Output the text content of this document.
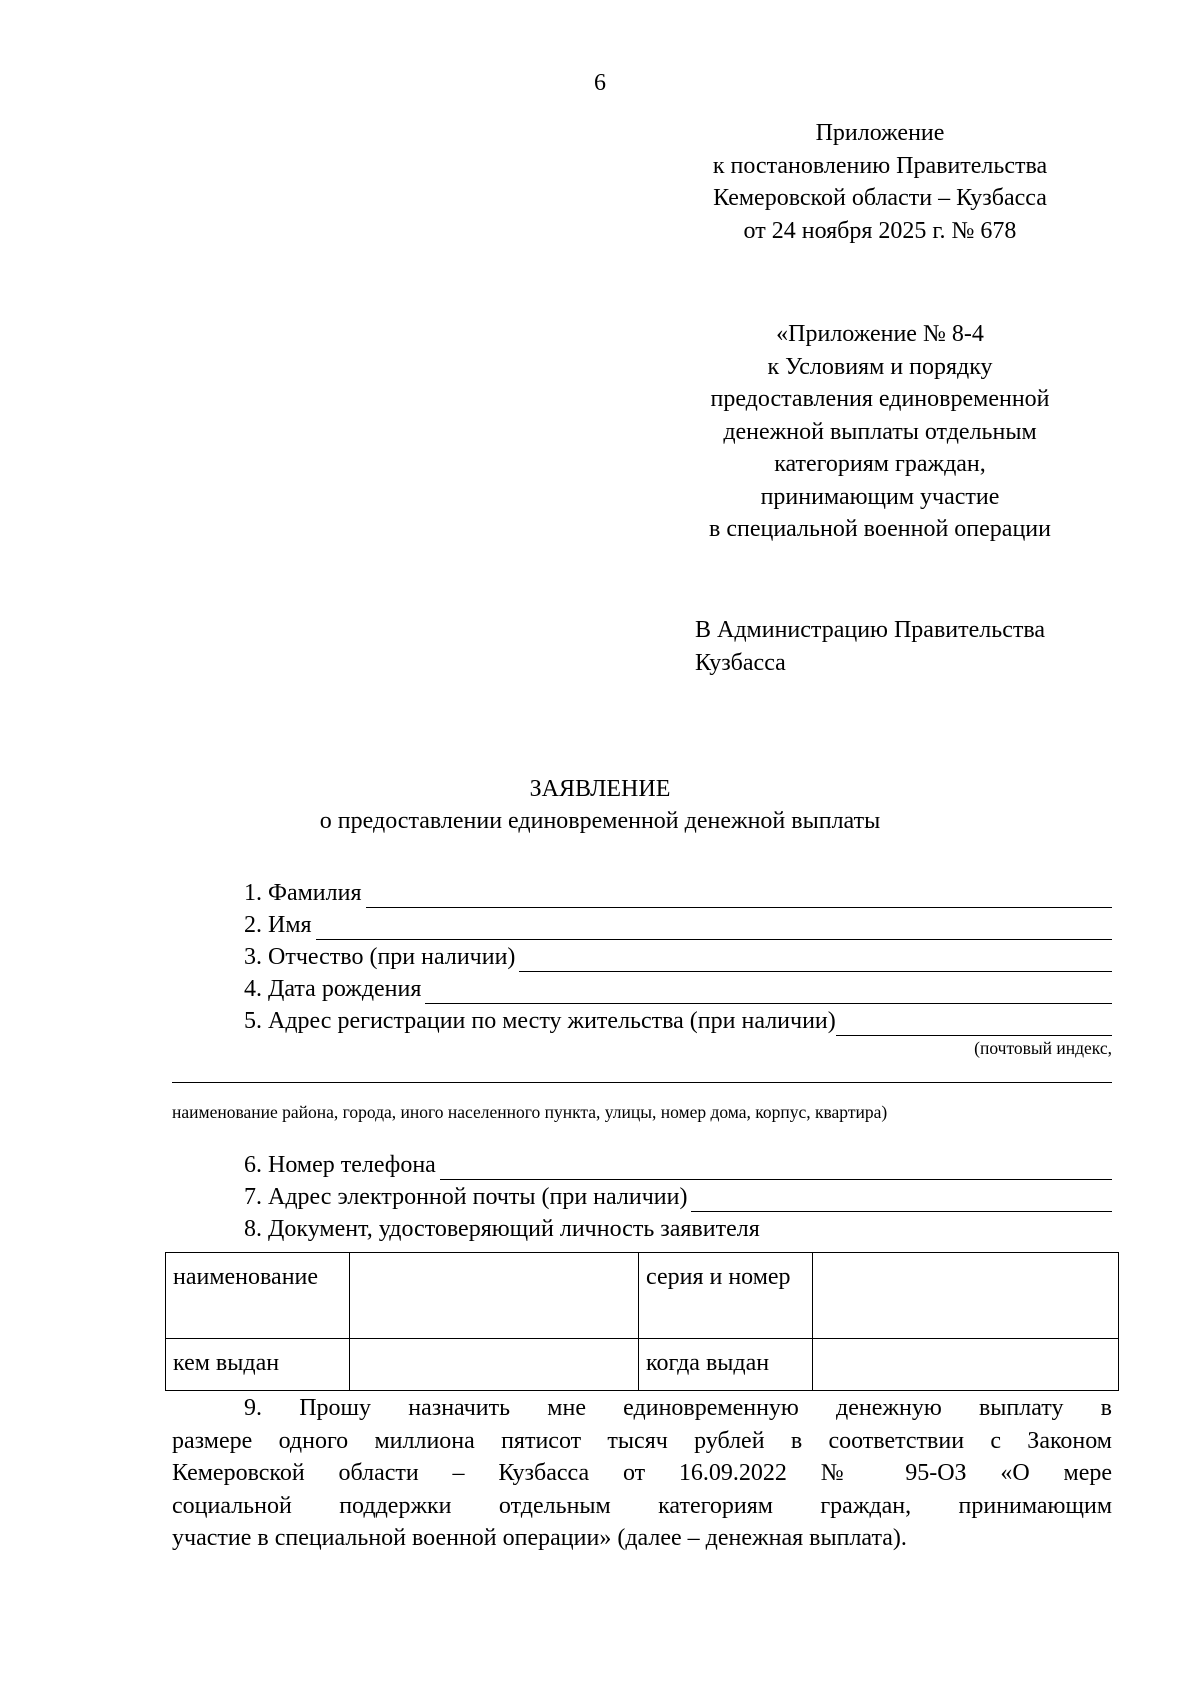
6
Приложение
к постановлению Правительства
Кемеровской области – Кузбасса
от 24 ноября 2025 г. № 678
«Приложение № 8-4
к Условиям и порядку
предоставления единовременной
денежной выплаты отдельным
категориям граждан,
принимающим участие
в специальной военной операции
В Администрацию Правительства
Кузбасса
ЗАЯВЛЕНИЕ
о предоставлении единовременной денежной выплаты
1. Фамилия
2. Имя
3. Отчество (при наличии)
4. Дата рождения
5. Адрес регистрации по месту жительства (при наличии)
(почтовый индекс,
наименование района, города, иного населенного пункта, улицы, номер дома, корпус, квартира)
6. Номер телефона
7. Адрес электронной почты (при наличии)
8. Документ, удостоверяющий личность заявителя
наименование		серия и номер	
кем выдан		когда выдан	
9. Прошу назначить мне единовременную денежную выплату в
размере одного миллиона пятисот тысяч рублей в соответствии с Законом
Кемеровской области – Кузбасса от 16.09.2022 № 95-ОЗ «О мере
социальной поддержки отдельным категориям граждан, принимающим
участие в специальной военной операции» (далее – денежная выплата).
